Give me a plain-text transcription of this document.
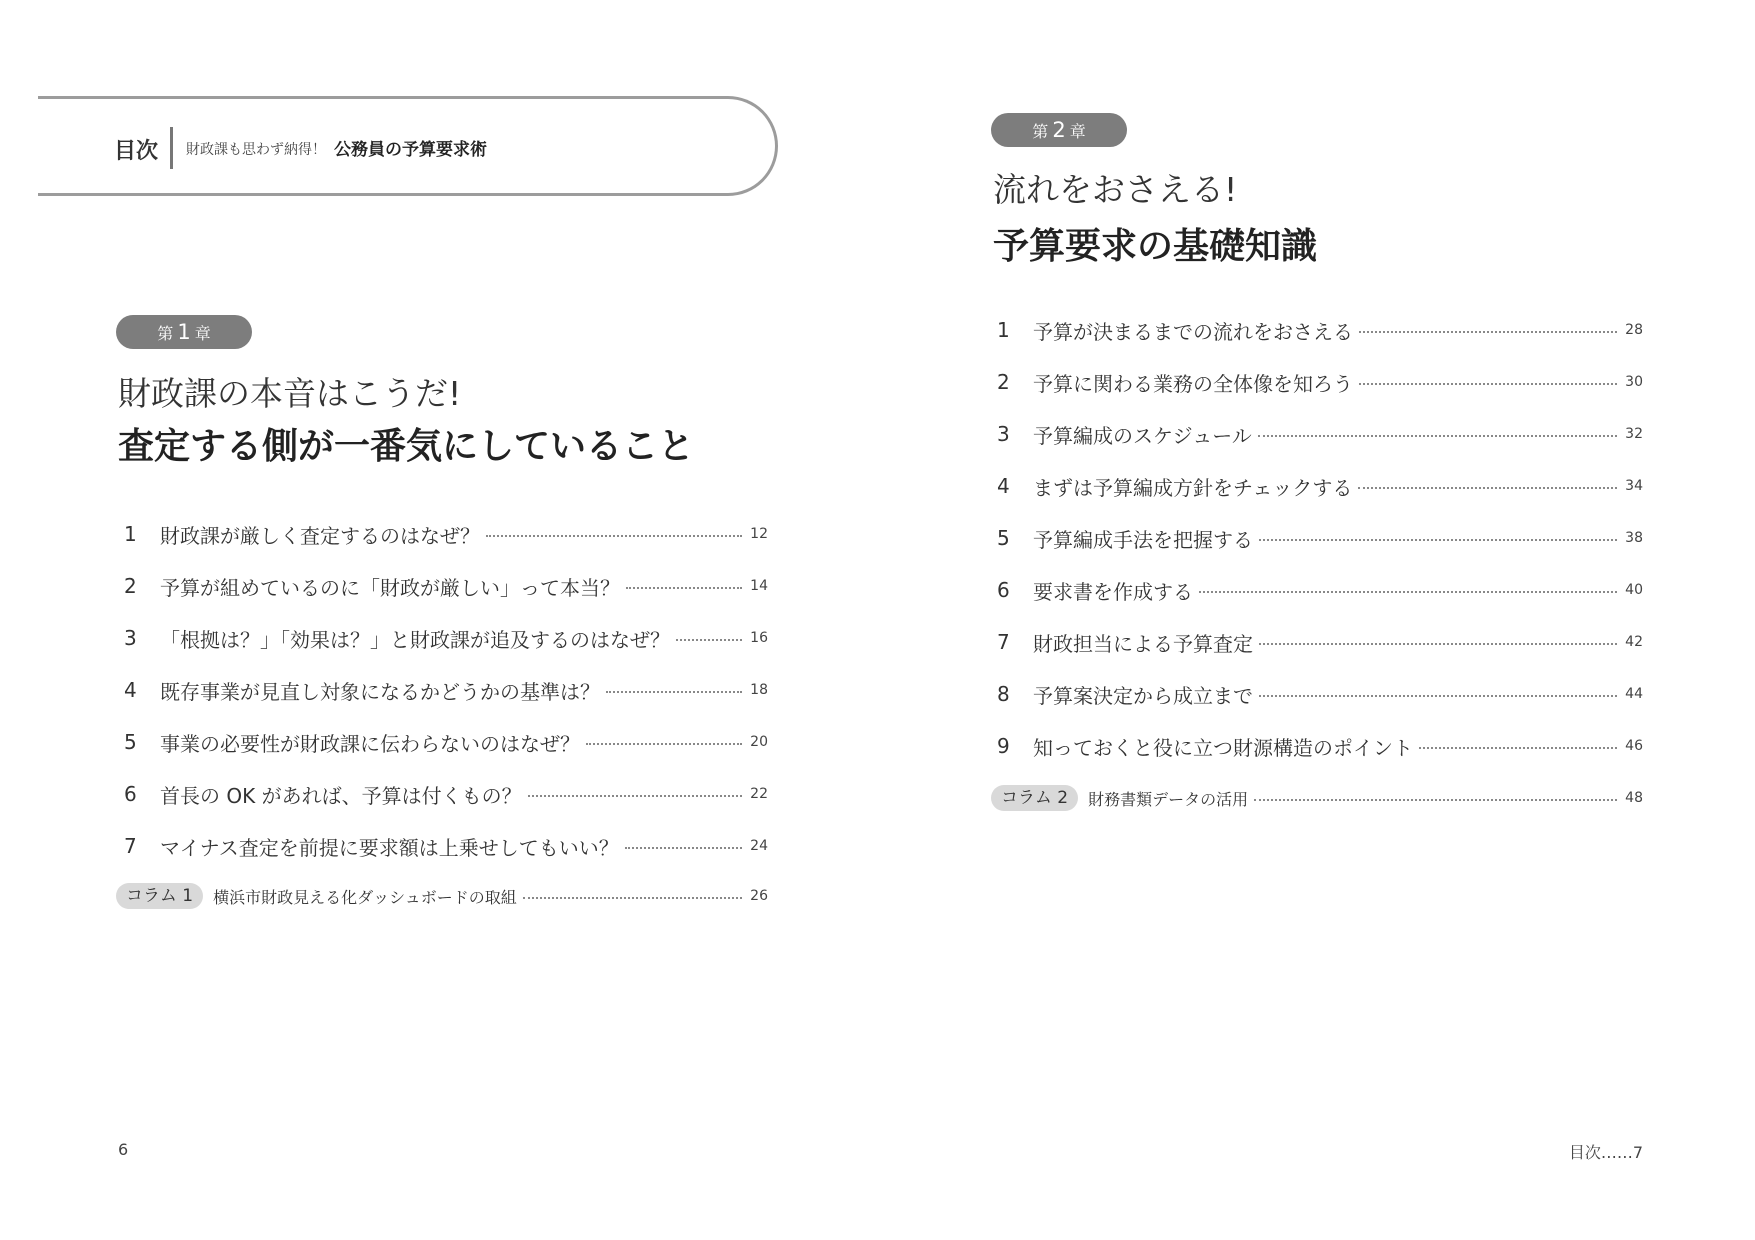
目次 財政課も思わず納得！ 公務員の予算要求術
第 1 章
財政課の本音はこうだ!
査定する側が一番気にしていること
1	財政課が厳しく査定するのはなぜ？	12
2	予算が組めているのに「財政が厳しい」って本当？	14
3	「根拠は？」「効果は？」と財政課が追及するのはなぜ？	16
4	既存事業が見直し対象になるかどうかの基準は？	18
5	事業の必要性が財政課に伝わらないのはなぜ？	20
6	首長の OK があれば、予算は付くもの？	22
7	マイナス査定を前提に要求額は上乗せしてもいい？	24
コラム 1	横浜市財政見える化ダッシュボードの取組	26
6
第 2 章
流れをおさえる!
予算要求の基礎知識
1	予算が決まるまでの流れをおさえる	28
2	予算に関わる業務の全体像を知ろう	30
3	予算編成のスケジュール	32
4	まずは予算編成方針をチェックする	34
5	予算編成手法を把握する	38
6	要求書を作成する	40
7	財政担当による予算査定	42
8	予算案決定から成立まで	44
9	知っておくと役に立つ財源構造のポイント	46
コラム 2	財務書類データの活用	48
目次……7
